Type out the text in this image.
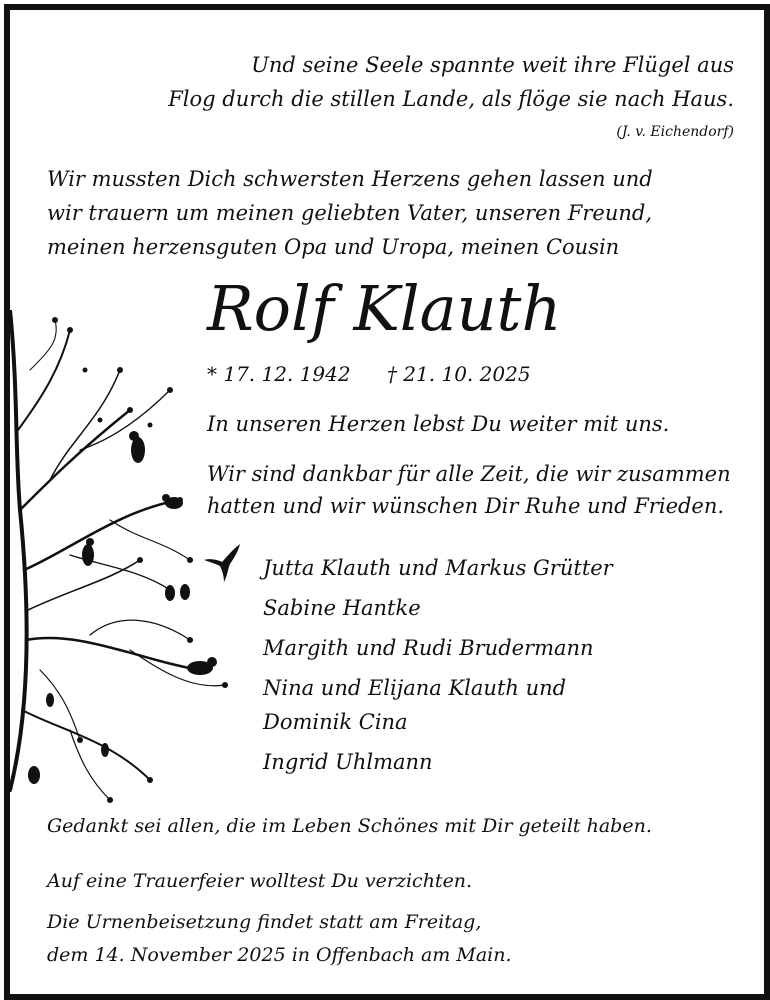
Und seine Seele spannte weit ihre Flügel aus
Flog durch die stillen Lande, als flöge sie nach Haus.
(J. v. Eichendorf)
Wir mussten Dich schwersten Herzens gehen lassen und
wir trauern um meinen geliebten Vater, unseren Freund,
meinen herzensguten Opa und Uropa, meinen Cousin
Rolf Klauth
* 17. 12. 1942 † 21. 10. 2025
In unseren Herzen lebst Du weiter mit uns.
Wir sind dankbar für alle Zeit, die wir zusammen
hatten und wir wünschen Dir Ruhe und Frieden.
Jutta Klauth und Markus Grütter
Sabine Hantke
Margith und Rudi Brudermann
Nina und Elijana Klauth und
Dominik Cina
Ingrid Uhlmann
Gedankt sei allen, die im Leben Schönes mit Dir geteilt haben.
Auf eine Trauerfeier wolltest Du verzichten.
Die Urnenbeisetzung findet statt am Freitag,
dem 14. November 2025 in Offenbach am Main.
